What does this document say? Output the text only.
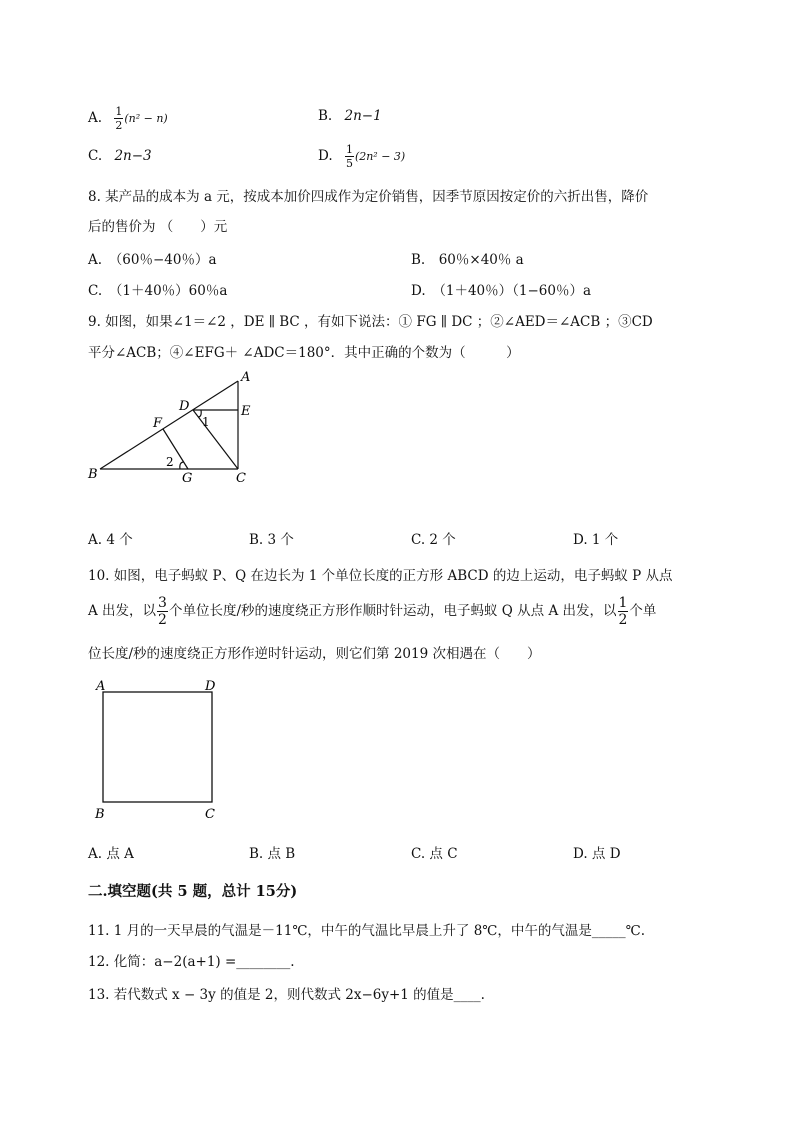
A. $\frac{1}{2} (n^2 - n)$	B. 2n−1
C. 2n−3	D. $\frac{1}{5} (2n^2 - 3)$
8. 某产品的成本为 a 元，按成本加价四成作为定价销售，因季节原因按定价的六折出售，降价
后的售价为 （　　）元
A.　（60％−40％）a	B.　60％×40％ a
C.　（1＋40％）60％a	D.　（1＋40％）（1−60％）a
9. 如图，如果∠1＝∠2 ，DE ∥ BC ，有如下说法：① FG ∥ DC ；②∠AED＝∠ACB ；③CD
平分∠ACB；④∠EFG＋ ∠ADC＝180°．其中正确的个数为（　　　）
A
B	C
D	E
F
G
1
2
A. 4 个	B. 3 个	C. 2 个	D. 1 个
10. 如图，电子蚂蚁 P、Q 在边长为 1 个单位长度的正方形 ABCD 的边上运动，电子蚂蚁 P 从点
A 出发，以 $\frac{3}{2}$ 个单位长度/秒的速度绕正方形作顺时针运动，电子蚂蚁 Q 从点 A 出发，以 $\frac{1}{2}$ 个单
位长度/秒的速度绕正方形作逆时针运动，则它们第 2019 次相遇在（　　）
A	D
B	C
A. 点 A	B. 点 B	C. 点 C	D. 点 D
二.填空题(共 5 题，总计 15分)
11. 1 月的一天早晨的气温是－11℃，中午的气温比早晨上升了 8℃，中午的气温是_____℃.
12. 化简：a−2(a+1) =________.
13. 若代数式 x − 3y 的值是 2，则代数式 2x−6y+1 的值是____.
